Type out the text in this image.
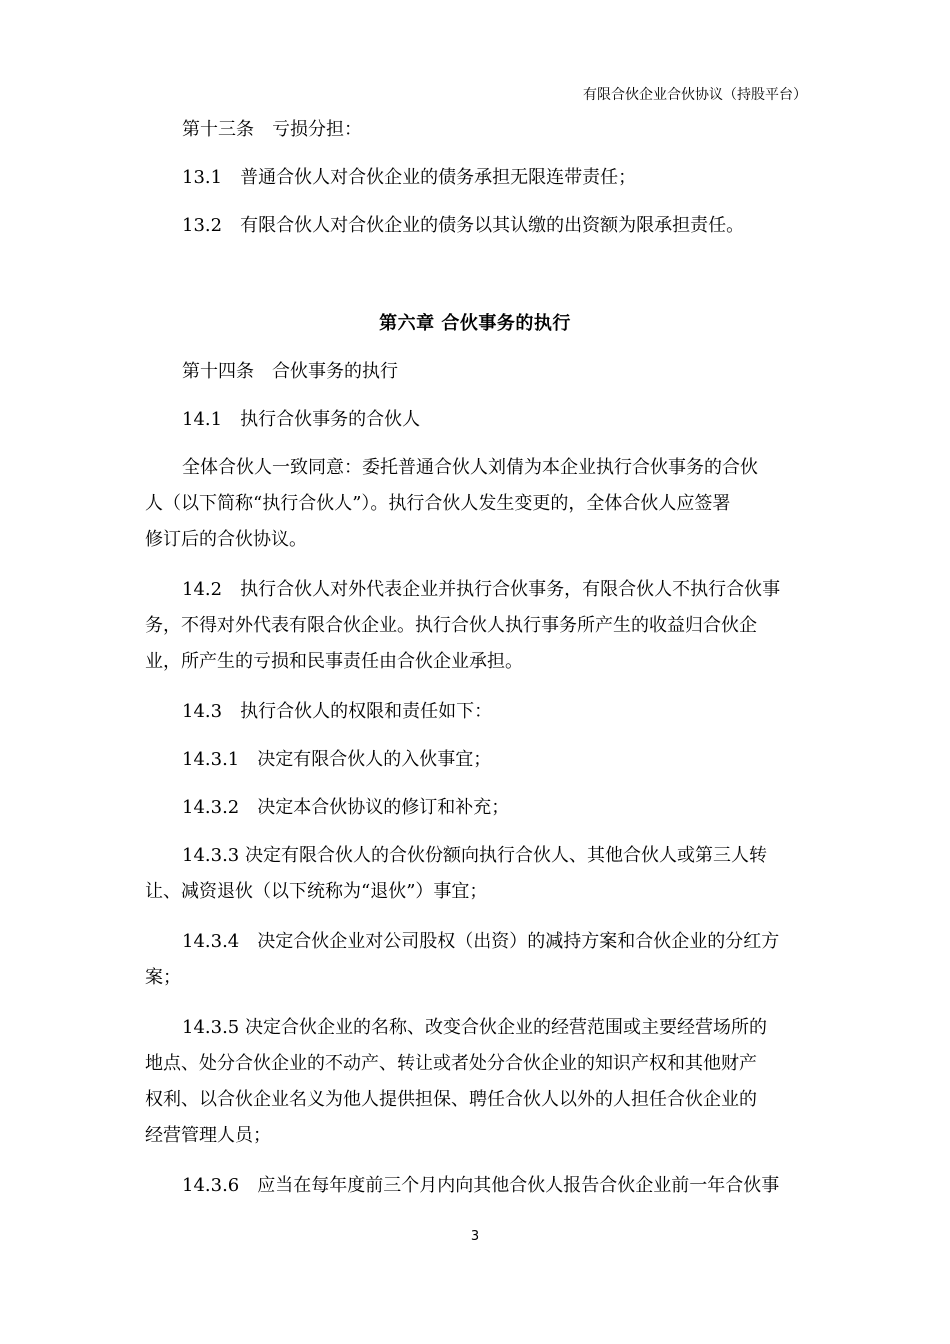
有限合伙企业合伙协议（持股平台）
第十三条　亏损分担：
13.1　普通合伙人对合伙企业的债务承担无限连带责任；
13.2　有限合伙人对合伙企业的债务以其认缴的出资额为限承担责任。
第六章 合伙事务的执行
第十四条　合伙事务的执行
14.1　执行合伙事务的合伙人
全体合伙人一致同意：委托普通合伙人刘倩为本企业执行合伙事务的合伙
人（以下简称“执行合伙人”）。执行合伙人发生变更的，全体合伙人应签署
修订后的合伙协议。
14.2　执行合伙人对外代表企业并执行合伙事务，有限合伙人不执行合伙事
务，不得对外代表有限合伙企业。执行合伙人执行事务所产生的收益归合伙企
业，所产生的亏损和民事责任由合伙企业承担。
14.3　执行合伙人的权限和责任如下：
14.3.1　决定有限合伙人的入伙事宜；
14.3.2　决定本合伙协议的修订和补充；
14.3.3 决定有限合伙人的合伙份额向执行合伙人、其他合伙人或第三人转
让、减资退伙（以下统称为“退伙”）事宜；
14.3.4　决定合伙企业对公司股权（出资）的减持方案和合伙企业的分红方
案；
14.3.5 决定合伙企业的名称、改变合伙企业的经营范围或主要经营场所的
地点、处分合伙企业的不动产、转让或者处分合伙企业的知识产权和其他财产
权利、以合伙企业名义为他人提供担保、聘任合伙人以外的人担任合伙企业的
经营管理人员；
14.3.6　应当在每年度前三个月内向其他合伙人报告合伙企业前一年合伙事
3
